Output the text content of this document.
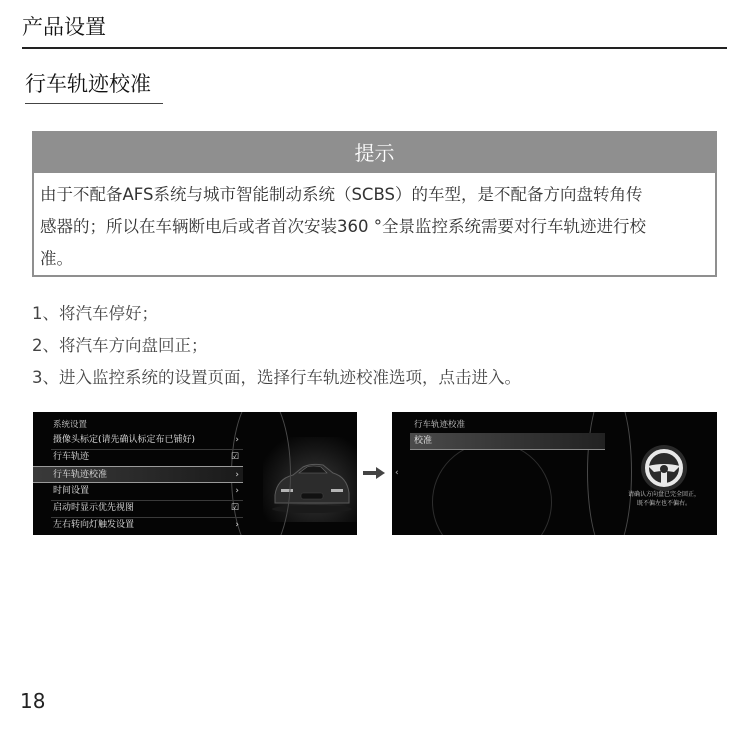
产品设置
行车轨迹校准
提示
由于不配备AFS系统与城市智能制动系统（SCBS）的车型，是不配备方向盘转角传
感器的；所以在车辆断电后或者首次安装360 °全景监控系统需要对行车轨迹进行校
准。
1、将汽车停好；
2、将汽车方向盘回正；
3、进入监控系统的设置页面，选择行车轨迹校准选项，点击进入。
系统设置
摄像头标定(请先确认标定布已铺好)	›
行车轨迹	☑
行车轨迹校准	›
时间设置	›
启动时显示优先视图	☑
左右转向灯触发设置	›
行车轨迹校准
校准
‹
请确认方向盘已完全回正，
既不偏左也不偏右。
18
